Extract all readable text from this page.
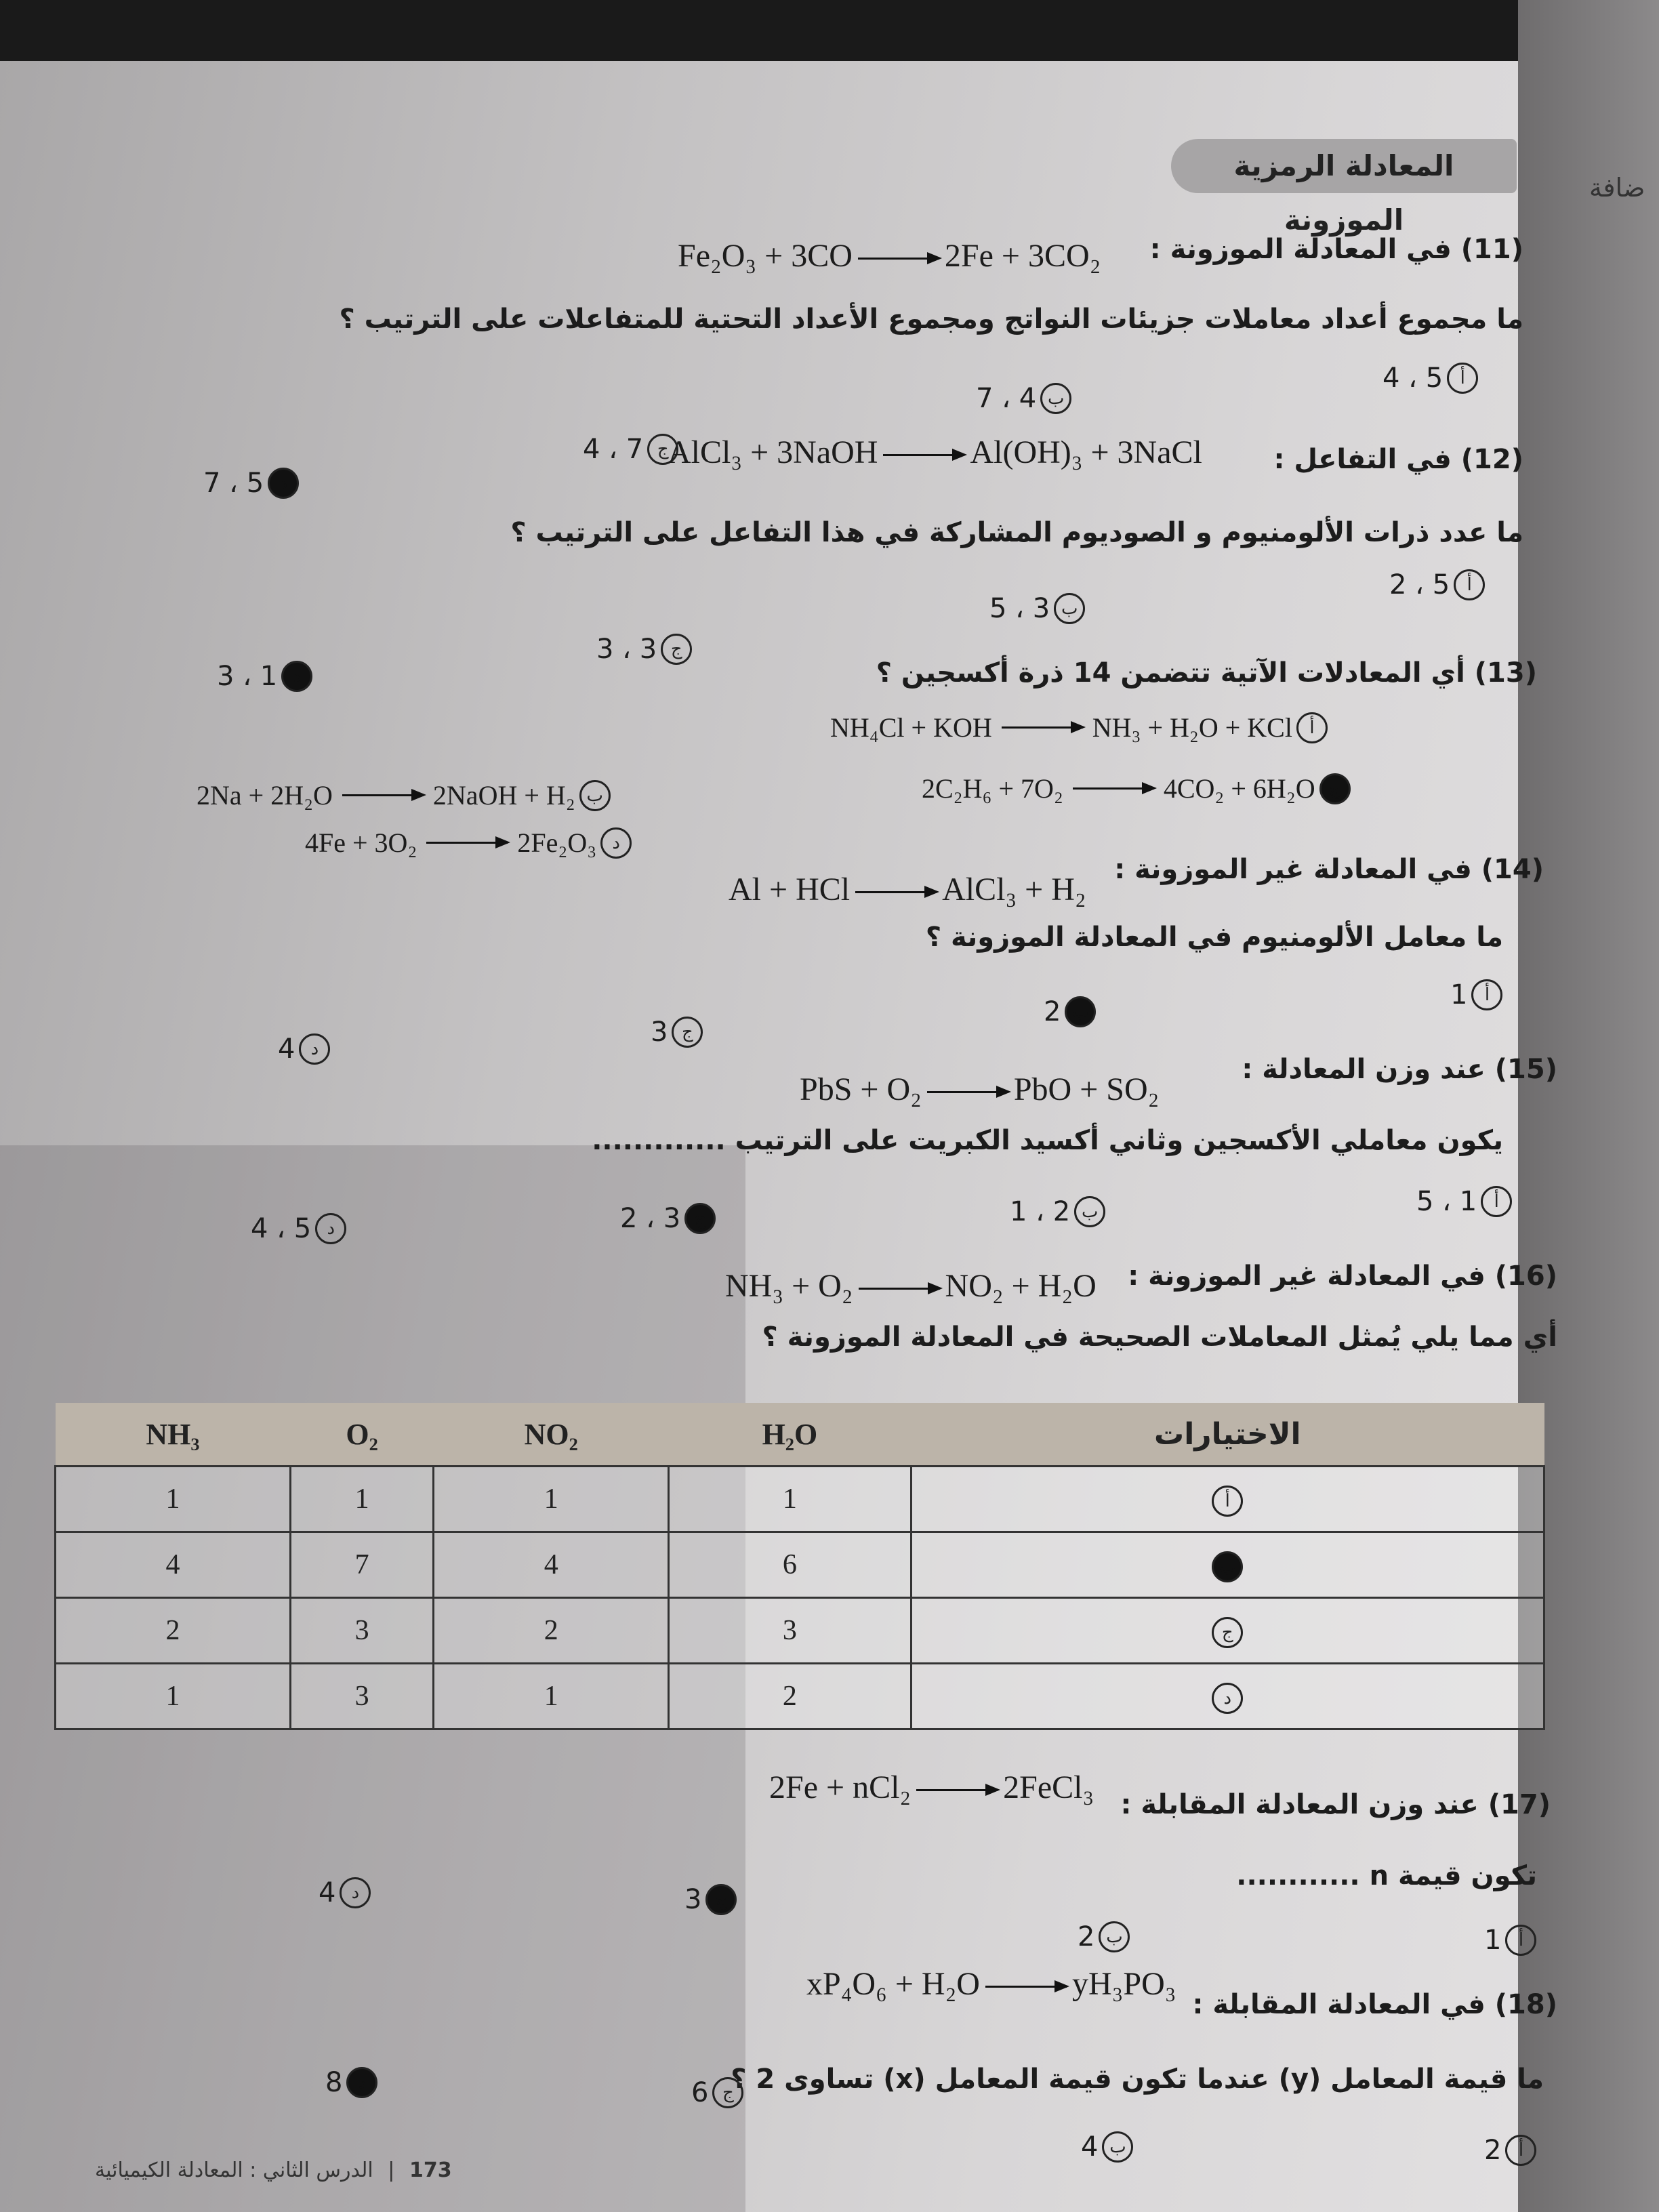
ضافة
المعادلة الرمزية الموزونة
(11) في المعادلة الموزونة :
Fe₂O₃ + 3CO	2Fe + 3CO₂
ما مجموع أعداد معاملات جزيئات النواتج ومجموع الأعداد التحتية للمتفاعلات على الترتيب ؟
4 ، 5 أ
7 ، 4 ب
4 ، 7 ج
7 ، 5 د
(12) في التفاعل :
AlCl₃ + 3NaOH	Al(OH)₃ + 3NaCl
ما عدد ذرات الألومنيوم و الصوديوم المشاركة في هذا التفاعل على الترتيب ؟
2 ، 5 أ
5 ، 3 ب
3 ، 3 ج
3 ، 1 د	(13) أي المعادلات الآتية تتضمن 14 ذرة أكسجين ؟
NH₄Cl + KOH	NH₃ + H₂O + KCl أ
2C₂H₆ + 7O₂	4CO₂ + 6H₂O ج
2Na + 2H₂O	2NaOH + H₂ ب
4Fe + 3O₂	2Fe₂O₃ د
(14) في المعادلة غير الموزونة :
Al + HCl	AlCl₃ + H₂
ما معامل الألومنيوم في المعادلة الموزونة ؟
1 أ
2 ب
3 ج
4 د
(15) عند وزن المعادلة :
PbS + O₂	PbO + SO₂
يكون معاملي الأكسجين وثاني أكسيد الكبريت على الترتيب .............
5 ، 1 أ
1 ، 2 ب
2 ، 3 ج
4 ، 5 د
(16) في المعادلة غير الموزونة :
NH₃ + O₂	NO₂ + H₂O
أي مما يلي يُمثل المعاملات الصحيحة في المعادلة الموزونة ؟
NH₃	O₂	NO₂	H₂O	الاختيارات
1	1	1	1	أ
4	7	4	6	ب
2	3	2	3	ج
1	3	1	2	د
(17) عند وزن المعادلة المقابلة :
2Fe + nCl₂	2FeCl₃
تكون قيمة n ............
1 أ
2 ب
3 ج
4 د
(18) في المعادلة المقابلة :
xP₄O₆ + H₂O	yH₃PO₃
ما قيمة المعامل (y) عندما تكون قيمة المعامل (x) تساوى 2 ؟
2 أ
4 ب
6 ج
8 د
173 | الدرس الثاني : المعادلة الكيميائية
